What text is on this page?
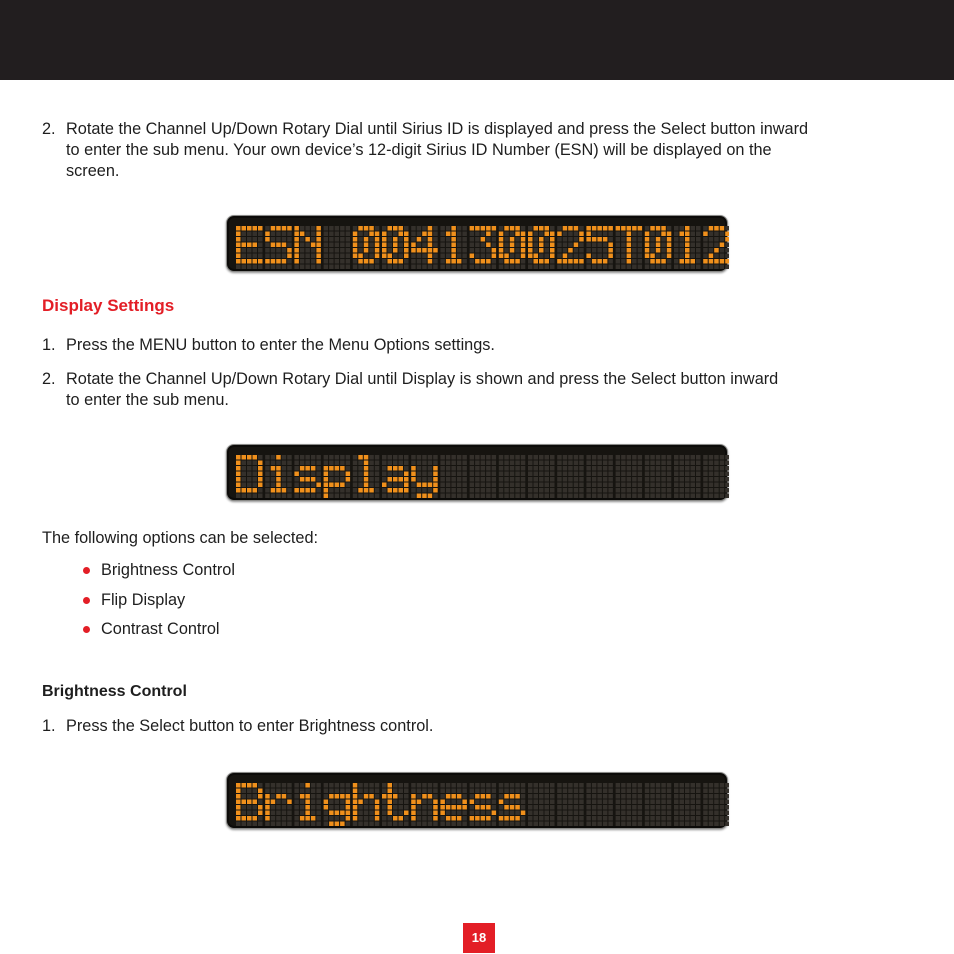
2. Rotate the Channel Up/Down Rotary Dial until Sirius ID is displayed and press the Select button inward
to enter the sub menu. Your own device’s 12-digit Sirius ID Number (ESN) will be displayed on the
screen.
Display Settings
1. Press the MENU button to enter the Menu Options settings.
2. Rotate the Channel Up/Down Rotary Dial until Display is shown and press the Select button inward
to enter the sub menu.

The following options can be selected:

Brightness Control
Flip Display
Contrast Control
Brightness Control
1. Press the Select button to enter Brightness control.
18
